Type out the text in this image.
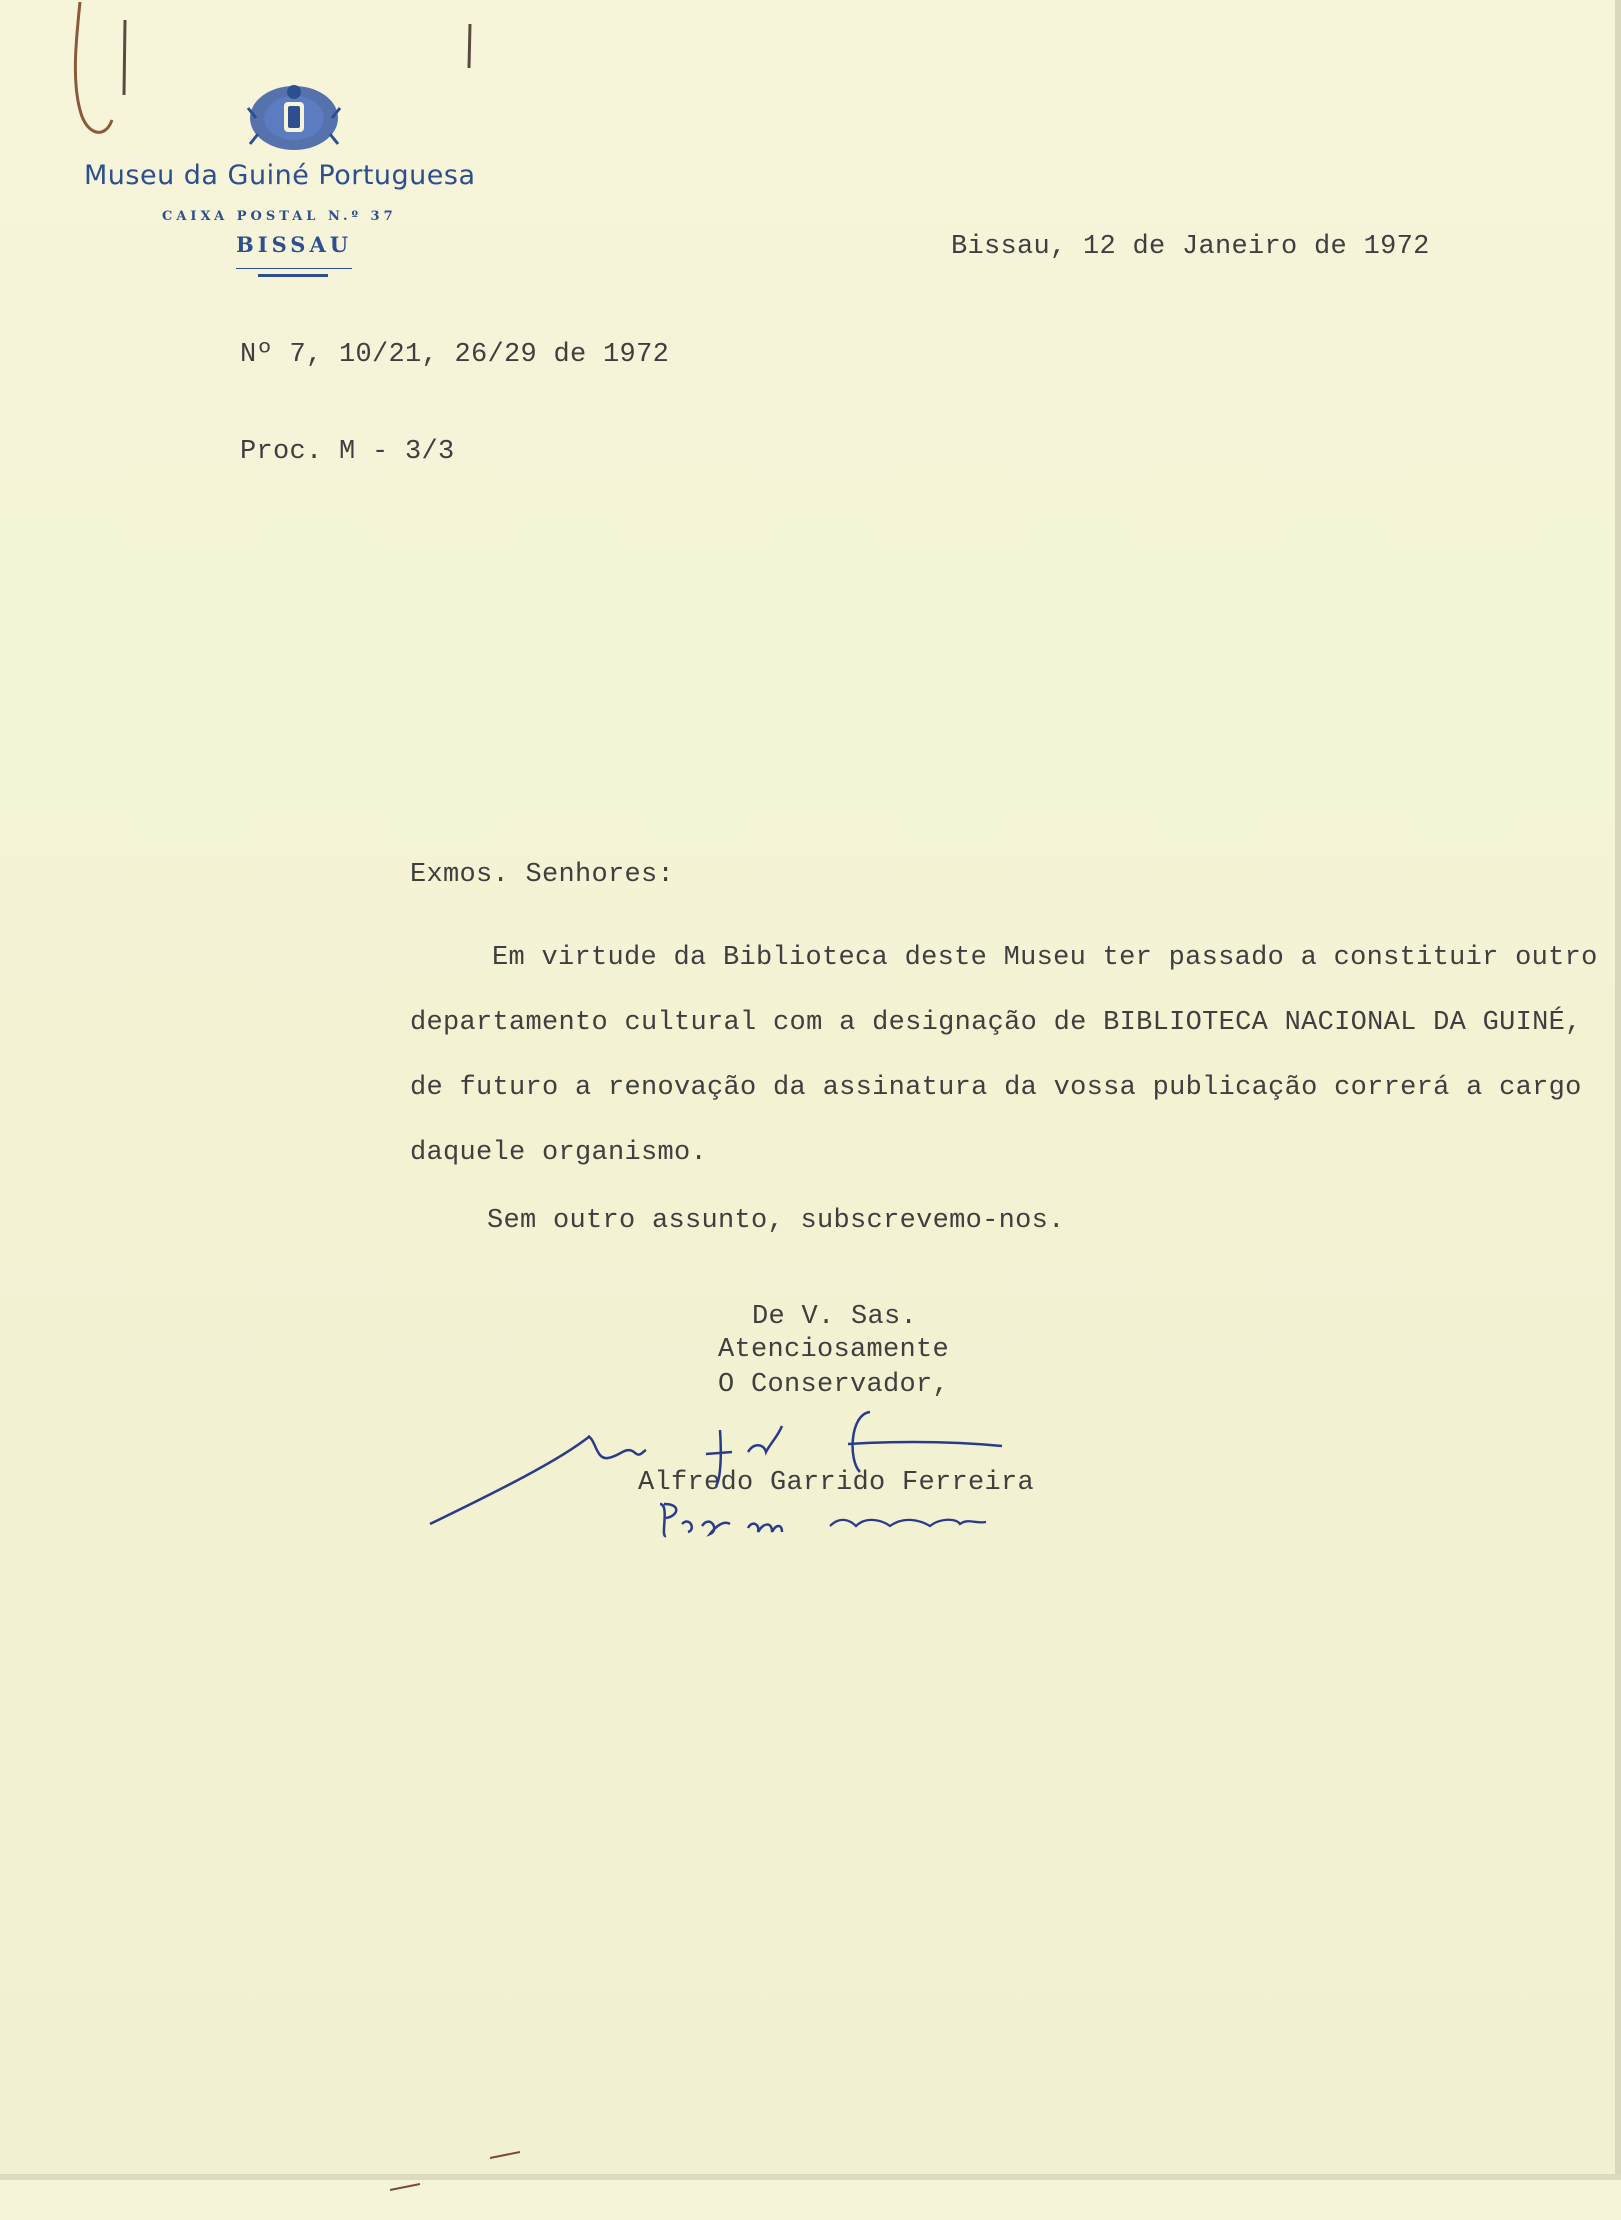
Museu da Guiné Portuguesa
CAIXA POSTAL N.º 37
BISSAU	Bissau, 12 de Janeiro de 1972
Nº 7, 10/21, 26/29 de 1972
Proc. M - 3/3
Exmos. Senhores:
Em virtude da Biblioteca deste Museu ter passado a constituir outro
departamento cultural com a designação de BIBLIOTECA NACIONAL DA GUINÉ,
de futuro a renovação da assinatura da vossa publicação correrá a cargo
daquele organismo.
Sem outro assunto, subscrevemo-nos.
De V. Sas.
Atenciosamente
O Conservador,
Alfredo Garrido Ferreira
